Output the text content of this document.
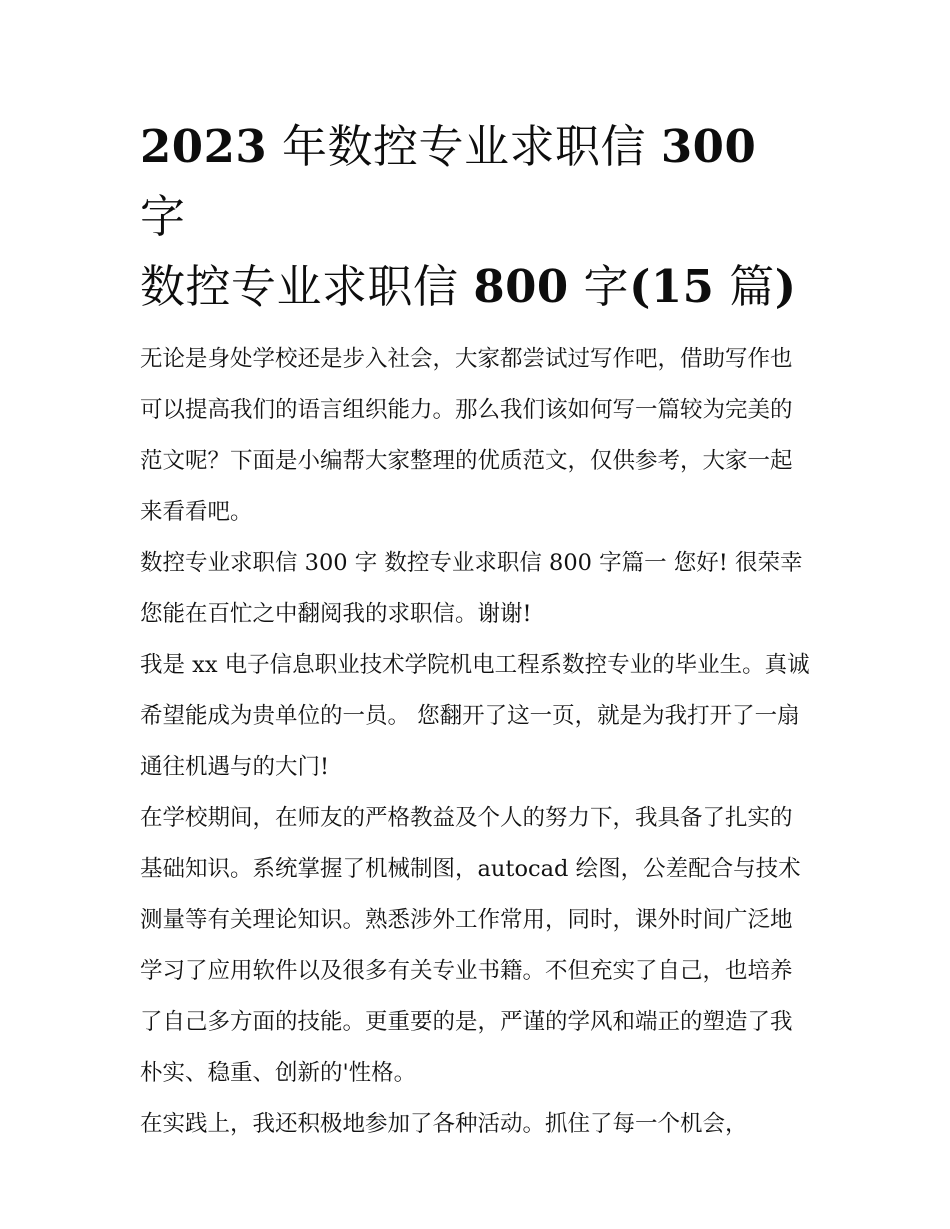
2023 年数控专业求职信 300 字
数控专业求职信 800 字(15 篇)

无论是身处学校还是步入社会，大家都尝试过写作吧，借助写作也可以提高我们的语言组织能力。那么我们该如何写一篇较为完美的范文呢？下面是小编帮大家整理的优质范文，仅供参考，大家一起来看看吧。

数控专业求职信 300 字 数控专业求职信 800 字篇一 您好! 很荣幸您能在百忙之中翻阅我的求职信。谢谢!

我是 xx 电子信息职业技术学院机电工程系数控专业的毕业生。真诚希望能成为贵单位的一员。 您翻开了这一页，就是为我打开了一扇通往机遇与的大门!

在学校期间，在师友的严格教益及个人的努力下，我具备了扎实的基础知识。系统掌握了机械制图，autocad 绘图，公差配合与技术测量等有关理论知识。熟悉涉外工作常用，同时，课外时间广泛地学习了应用软件以及很多有关专业书籍。不但充实了自己，也培养了自己多方面的技能。更重要的是，严谨的学风和端正的塑造了我朴实、稳重、创新的'性格。

在实践上，我还积极地参加了各种活动。抓住了每一个机会，
